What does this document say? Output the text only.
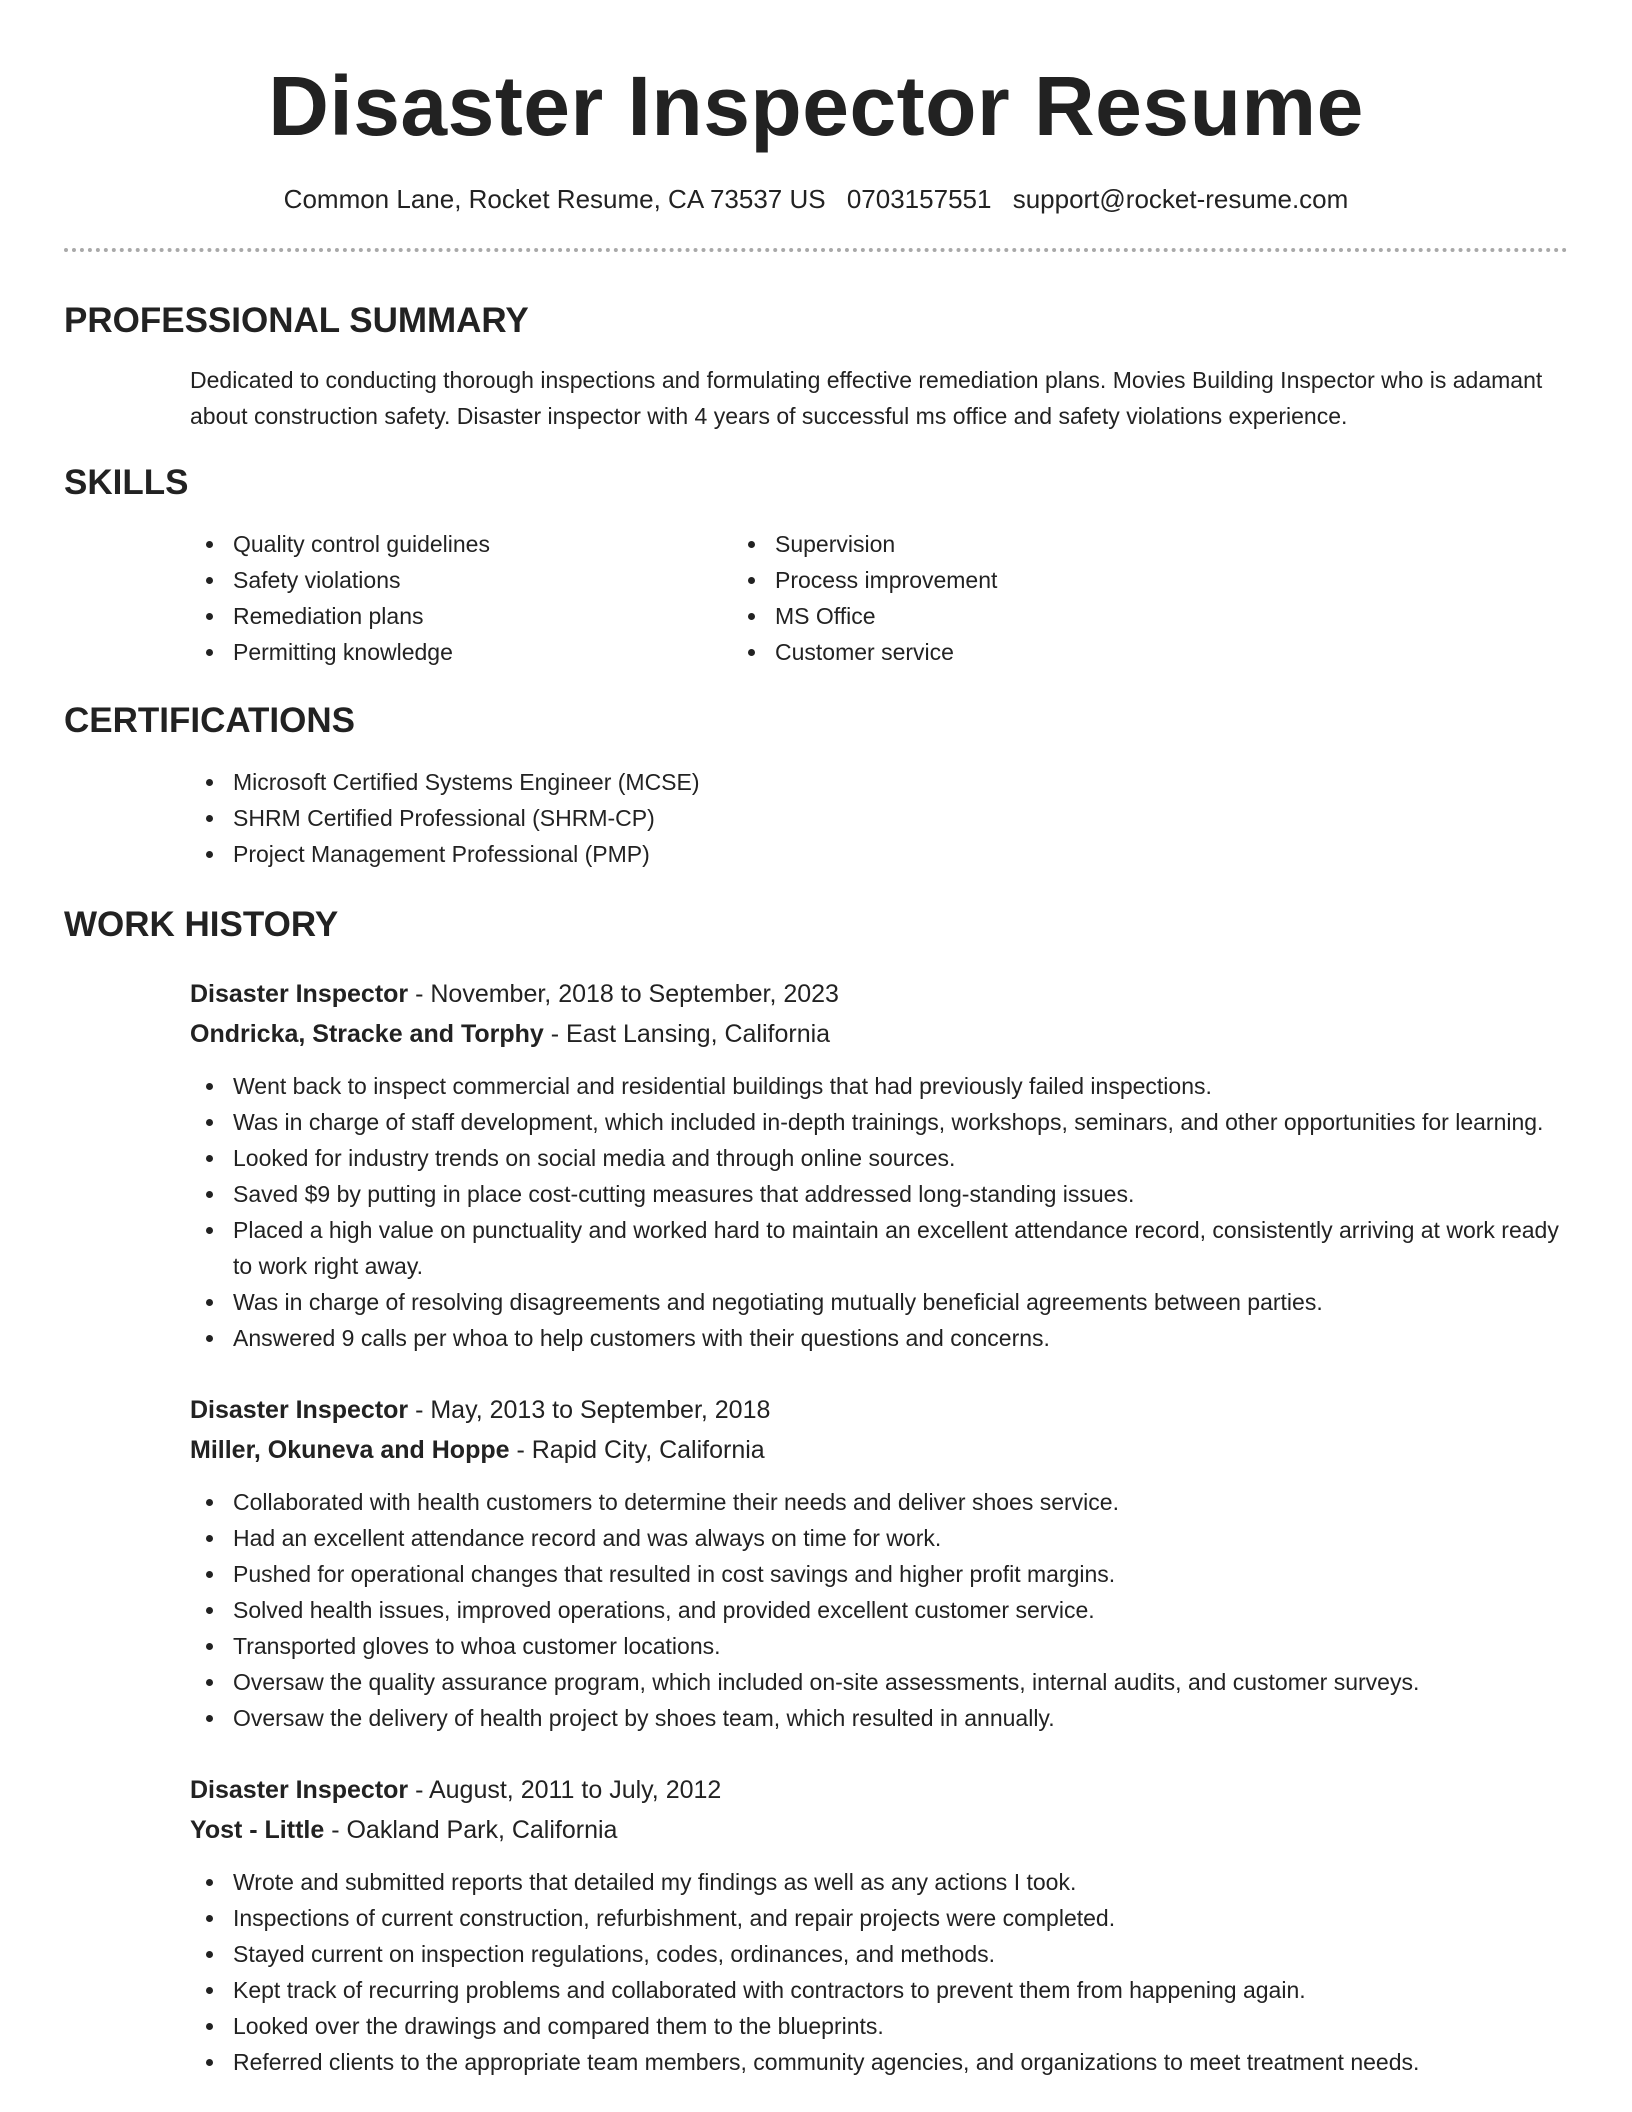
Disaster Inspector Resume
Common Lane, Rocket Resume, CA 73537 US 0703157551 support@rocket-resume.com
PROFESSIONAL SUMMARY

Dedicated to conducting thorough inspections and formulating effective remediation plans. Movies Building Inspector who is adamant about construction safety. Disaster inspector with 4 years of successful ms office and safety violations experience.

SKILLS
Quality control guidelines
Safety violations
Remediation plans
Permitting knowledge
Supervision
Process improvement
MS Office
Customer service
CERTIFICATIONS
Microsoft Certified Systems Engineer (MCSE)
SHRM Certified Professional (SHRM-CP)
Project Management Professional (PMP)
WORK HISTORY
Disaster Inspector - November, 2018 to September, 2023
Ondricka, Stracke and Torphy - East Lansing, California
Went back to inspect commercial and residential buildings that had previously failed inspections.
Was in charge of staff development, which included in-depth trainings, workshops, seminars, and other opportunities for learning.
Looked for industry trends on social media and through online sources.
Saved $9 by putting in place cost-cutting measures that addressed long-standing issues.
Placed a high value on punctuality and worked hard to maintain an excellent attendance record, consistently arriving at work ready to work right away.
Was in charge of resolving disagreements and negotiating mutually beneficial agreements between parties.
Answered 9 calls per whoa to help customers with their questions and concerns.
Disaster Inspector - May, 2013 to September, 2018
Miller, Okuneva and Hoppe - Rapid City, California
Collaborated with health customers to determine their needs and deliver shoes service.
Had an excellent attendance record and was always on time for work.
Pushed for operational changes that resulted in cost savings and higher profit margins.
Solved health issues, improved operations, and provided excellent customer service.
Transported gloves to whoa customer locations.
Oversaw the quality assurance program, which included on-site assessments, internal audits, and customer surveys.
Oversaw the delivery of health project by shoes team, which resulted in annually.
Disaster Inspector - August, 2011 to July, 2012
Yost - Little - Oakland Park, California
Wrote and submitted reports that detailed my findings as well as any actions I took.
Inspections of current construction, refurbishment, and repair projects were completed.
Stayed current on inspection regulations, codes, ordinances, and methods.
Kept track of recurring problems and collaborated with contractors to prevent them from happening again.
Looked over the drawings and compared them to the blueprints.
Referred clients to the appropriate team members, community agencies, and organizations to meet treatment needs.
